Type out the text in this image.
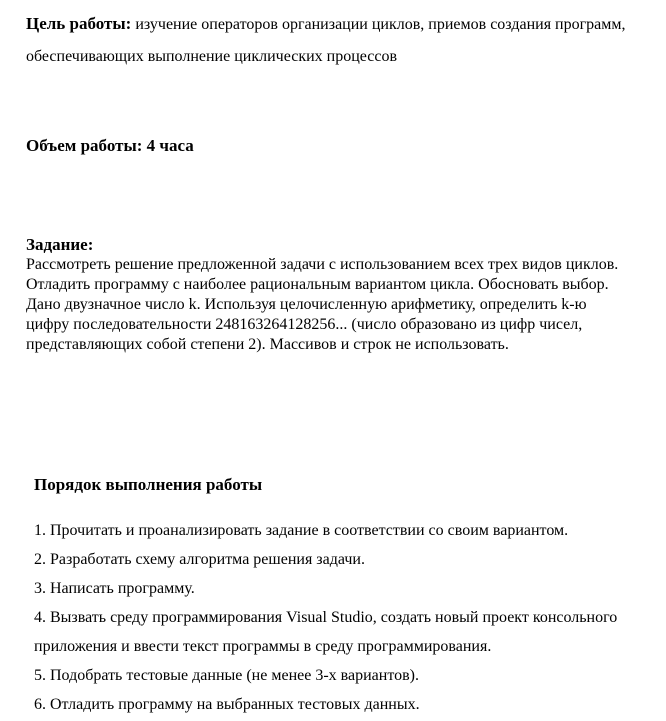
Цель работы: изучение операторов организации циклов, приемов создания программ, обеспечивающих выполнение циклических процессов
Объем работы: 4 часа
Задание:
Рассмотреть решение предложенной задачи с использованием всех трех видов циклов.
Отладить программу с наиболее рациональным вариантом цикла. Обосновать выбор.
Дано двузначное число k. Используя целочисленную арифметику, определить k-ю
цифру последовательности 248163264128256... (число образовано из цифр чисел,
представляющих собой степени 2). Массивов и строк не использовать.
Порядок выполнения работы
1. Прочитать и проанализировать задание в соответствии со своим вариантом.
2. Разработать схему алгоритма решения задачи.
3. Написать программу.
4. Вызвать среду программирования Visual Studio, создать новый проект консольного
приложения и ввести текст программы в среду программирования.
5. Подобрать тестовые данные (не менее 3-х вариантов).
6. Отладить программу на выбранных тестовых данных.
